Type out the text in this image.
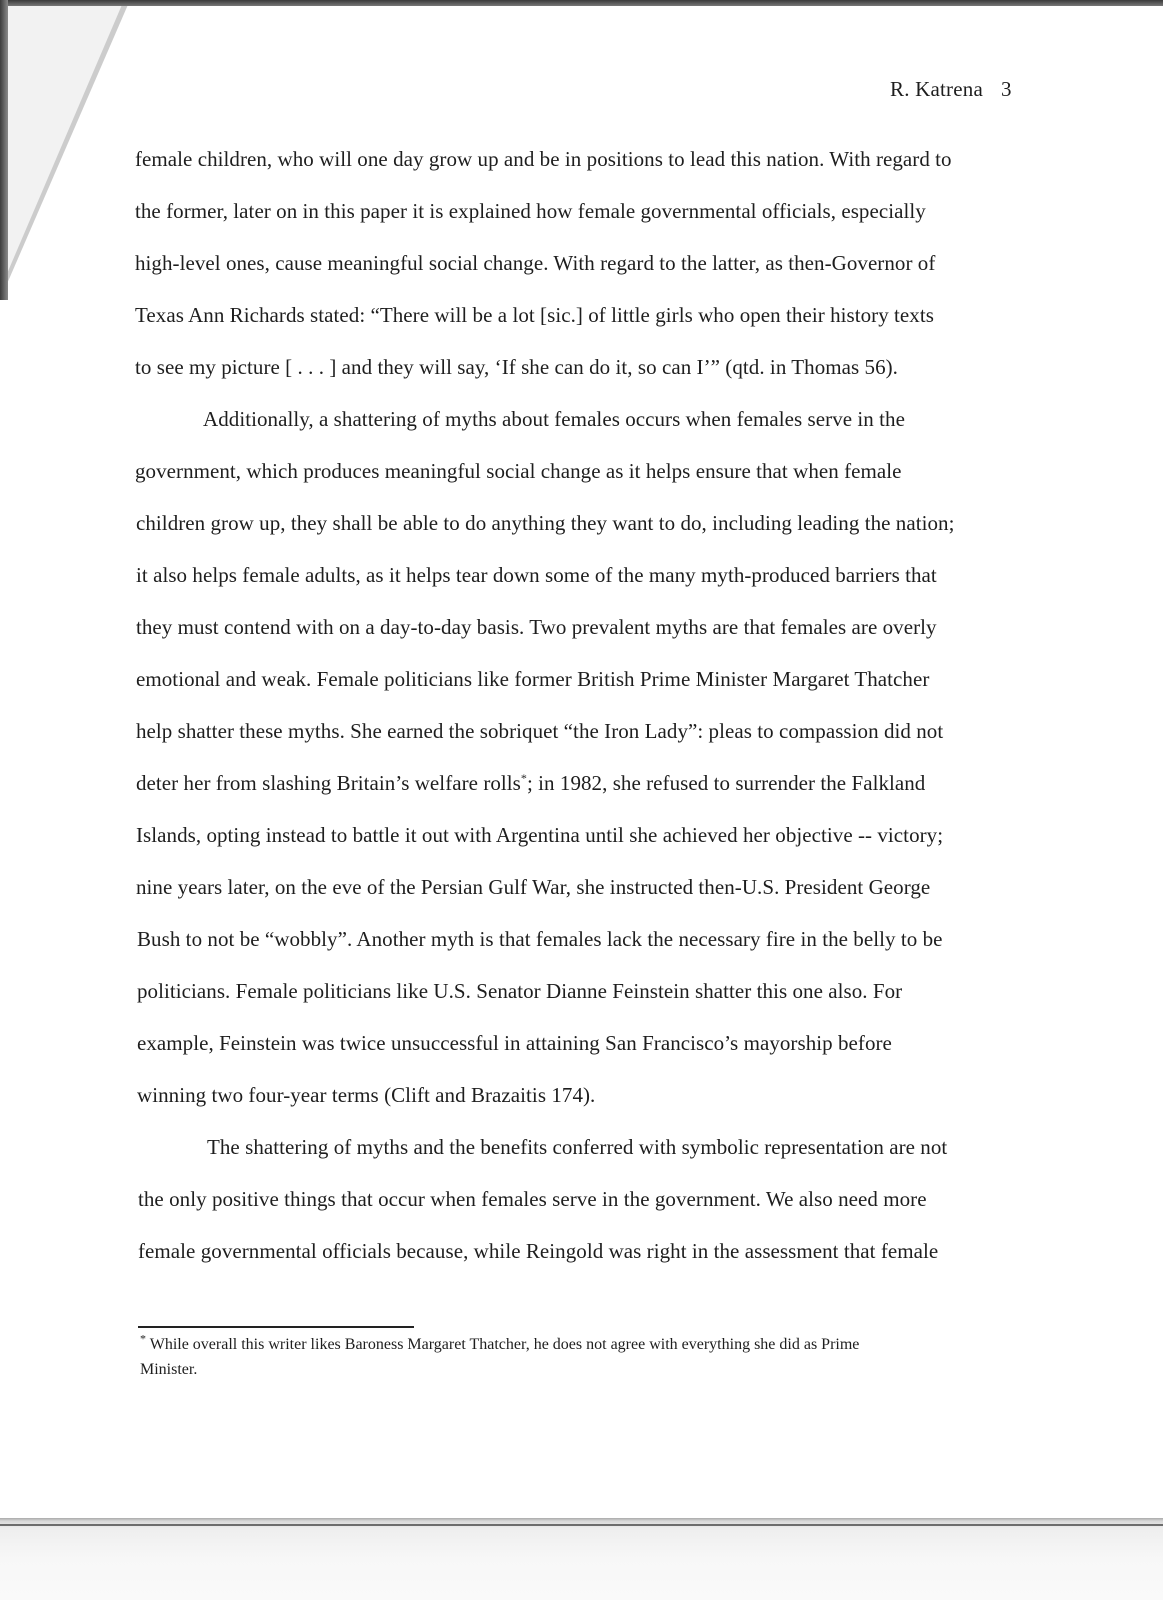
R. Katrena 3
female children, who will one day grow up and be in positions to lead this nation. With regard to
the former, later on in this paper it is explained how female governmental officials, especially
high-level ones, cause meaningful social change. With regard to the latter, as then-Governor of
Texas Ann Richards stated: “There will be a lot [sic.] of little girls who open their history texts
to see my picture [ . . . ] and they will say, ‘If she can do it, so can I’” (qtd. in Thomas 56).
Additionally, a shattering of myths about females occurs when females serve in the
government, which produces meaningful social change as it helps ensure that when female
children grow up, they shall be able to do anything they want to do, including leading the nation;
it also helps female adults, as it helps tear down some of the many myth-produced barriers that
they must contend with on a day-to-day basis. Two prevalent myths are that females are overly
emotional and weak. Female politicians like former British Prime Minister Margaret Thatcher
help shatter these myths. She earned the sobriquet “the Iron Lady”: pleas to compassion did not
deter her from slashing Britain’s welfare rolls*; in 1982, she refused to surrender the Falkland
Islands, opting instead to battle it out with Argentina until she achieved her objective -- victory;
nine years later, on the eve of the Persian Gulf War, she instructed then-U.S. President George
Bush to not be “wobbly”. Another myth is that females lack the necessary fire in the belly to be
politicians. Female politicians like U.S. Senator Dianne Feinstein shatter this one also. For
example, Feinstein was twice unsuccessful in attaining San Francisco’s mayorship before
winning two four-year terms (Clift and Brazaitis 174).
The shattering of myths and the benefits conferred with symbolic representation are not
the only positive things that occur when females serve in the government. We also need more
female governmental officials because, while Reingold was right in the assessment that female
* While overall this writer likes Baroness Margaret Thatcher, he does not agree with everything she did as Prime
Minister.
